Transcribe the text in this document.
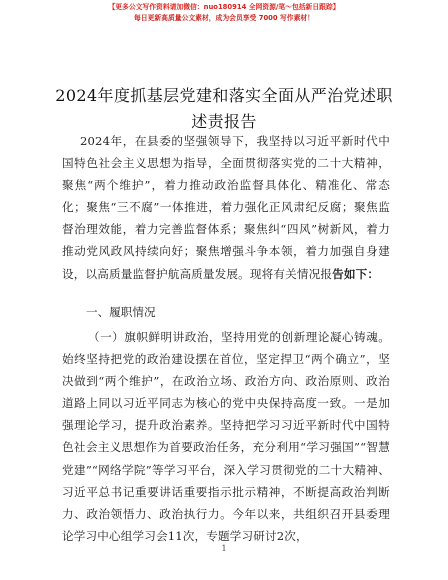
【更多公文写作资料请加微信：nuo180914 全网资源/笔～包括新日跟踪】
每日更新高质量公文素材，成为会员享受 7000 写作素材！
2024年度抓基层党建和落实全面从严治党述职述责报告
2024年，在县委的坚强领导下，我坚持以习近平新时代中国特色社会主义思想为指导，全面贯彻落实党的二十大精神，聚焦“两个维护”，着力推动政治监督具体化、精准化、常态化；聚焦“三不腐”一体推进，着力强化正风肃纪反腐；聚焦监督治理效能，着力完善监督体系；聚焦纠“四风”树新风，着力推动党风政风持续向好；聚焦增强斗争本领，着力加强自身建设，以高质量监督护航高质量发展。现将有关情况报告如下：
一、履职情况
（一）旗帜鲜明讲政治，坚持用党的创新理论凝心铸魂。始终坚持把党的政治建设摆在首位，坚定捍卫“两个确立”，坚决做到“两个维护”，在政治立场、政治方向、政治原则、政治道路上同以习近平同志为核心的党中央保持高度一致。一是加强理论学习，提升政治素养。坚持把学习习近平新时代中国特色社会主义思想作为首要政治任务，充分利用“学习强国”“智慧党建”“网络学院”等学习平台，深入学习贯彻党的二十大精神、习近平总书记重要讲话重要指示批示精神，不断提高政治判断力、政治领悟力、政治执行力。今年以来，共组织召开县委理论学习中心组学习会11次，专题学习研讨2次，
1
